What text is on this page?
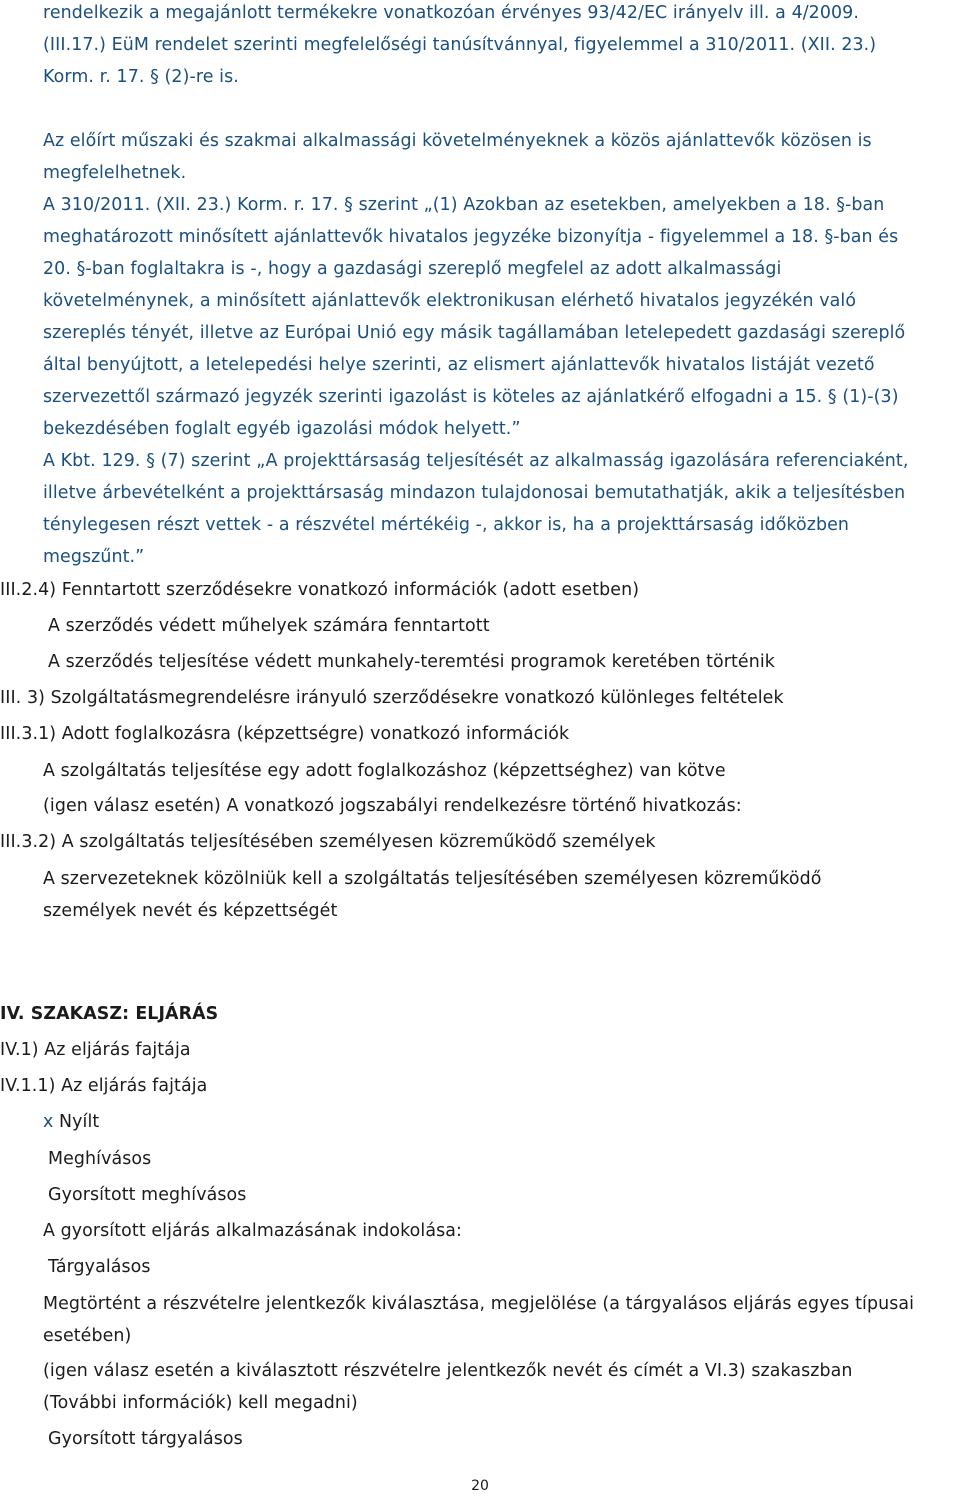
rendelkezik a megajánlott termékekre vonatkozóan érvényes 93/42/EC irányelv ill. a 4/2009.
(III.17.) EüM rendelet szerinti megfelelőségi tanúsítvánnyal, figyelemmel a 310/2011. (XII. 23.)
Korm. r. 17. § (2)-re is.
Az előírt műszaki és szakmai alkalmassági követelményeknek a közös ajánlattevők közösen is
megfelelhetnek.
A 310/2011. (XII. 23.) Korm. r. 17. § szerint „(1) Azokban az esetekben, amelyekben a 18. §-ban
meghatározott minősített ajánlattevők hivatalos jegyzéke bizonyítja - figyelemmel a 18. §-ban és
20. §-ban foglaltakra is -, hogy a gazdasági szereplő megfelel az adott alkalmassági
követelménynek, a minősített ajánlattevők elektronikusan elérhető hivatalos jegyzékén való
szereplés tényét, illetve az Európai Unió egy másik tagállamában letelepedett gazdasági szereplő
által benyújtott, a letelepedési helye szerinti, az elismert ajánlattevők hivatalos listáját vezető
szervezettől származó jegyzék szerinti igazolást is köteles az ajánlatkérő elfogadni a 15. § (1)-(3)
bekezdésében foglalt egyéb igazolási módok helyett.”
A Kbt. 129. § (7) szerint „A projekttársaság teljesítését az alkalmasság igazolására referenciaként,
illetve árbevételként a projekttársaság mindazon tulajdonosai bemutathatják, akik a teljesítésben
ténylegesen részt vettek - a részvétel mértékéig -, akkor is, ha a projekttársaság időközben
megszűnt.”
III.2.4) Fenntartott szerződésekre vonatkozó információk (adott esetben)
A szerződés védett műhelyek számára fenntartott
A szerződés teljesítése védett munkahely-teremtési programok keretében történik
III. 3) Szolgáltatásmegrendelésre irányuló szerződésekre vonatkozó különleges feltételek
III.3.1) Adott foglalkozásra (képzettségre) vonatkozó információk
A szolgáltatás teljesítése egy adott foglalkozáshoz (képzettséghez) van kötve
(igen válasz esetén) A vonatkozó jogszabályi rendelkezésre történő hivatkozás:
III.3.2) A szolgáltatás teljesítésében személyesen közreműködő személyek
A szervezeteknek közölniük kell a szolgáltatás teljesítésében személyesen közreműködő
személyek nevét és képzettségét
IV. SZAKASZ: ELJÁRÁS
IV.1) Az eljárás fajtája
IV.1.1) Az eljárás fajtája
x Nyílt
Meghívásos
Gyorsított meghívásos
A gyorsított eljárás alkalmazásának indokolása:
Tárgyalásos
Megtörtént a részvételre jelentkezők kiválasztása, megjelölése (a tárgyalásos eljárás egyes típusai
esetében)
(igen válasz esetén a kiválasztott részvételre jelentkezők nevét és címét a VI.3) szakaszban
(További információk) kell megadni)
Gyorsított tárgyalásos
20
